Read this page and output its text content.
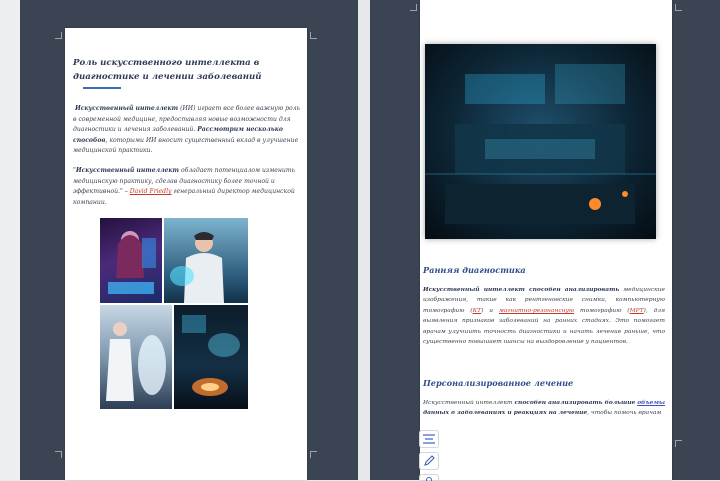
Роль искусственного интеллекта в диагностике и лечении заболеваний

Искусственный интеллект (ИИ) играет все более важную роль в современной медицине, предоставляя новые возможности для диагностики и лечения заболеваний. Рассмотрим несколько способов, которыми ИИ вносит существенный вклад в улучшение медицинской практики.

"Искусственный интеллект обладает потенциалом изменить медицинскую практику, сделав диагностику более точной и эффективной." – David Friedly генеральный директор медицинской компании.

Ранняя диагностика

Искусственный интеллект способен анализировать медицинские изображения, такие как рентгеновские снимки, компьютерную томографию (КТ) и магнитно-резонансную томографию (МРТ), для выявления признаков заболеваний на ранних стадиях. Это помогает врачам улучшить точность диагностики и начать лечение раньше, что существенно повышает шансы на выздоровление у пациентов.

Персонализированное лечение

Искусственный интеллект способен анализировать большие объемы данных о заболеваниях и реакциях на лечение, чтобы помочь врачам
